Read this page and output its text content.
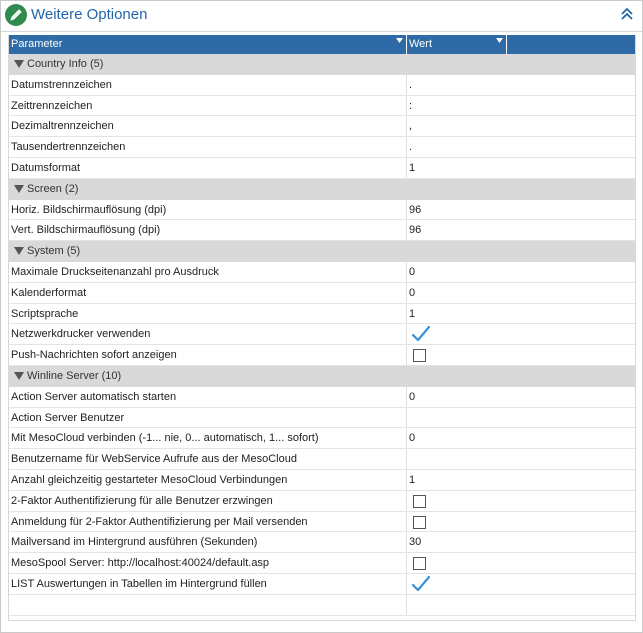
Weitere Optionen
Parameter	Wert
Country Info (5)
Datumstrennzeichen	.
Zeittrennzeichen	:
Dezimaltrennzeichen	,
Tausendertrennzeichen	.
Datumsformat	1
Screen (2)
Horiz. Bildschirmauflösung (dpi)	96
Vert. Bildschirmauflösung (dpi)	96
System (5)
Maximale Druckseitenanzahl pro Ausdruck	0
Kalenderformat	0
Scriptsprache	1
Netzwerkdrucker verwenden
Push-Nachrichten sofort anzeigen
Winline Server (10)
Action Server automatisch starten	0
Action Server Benutzer
Mit MesoCloud verbinden (-1... nie, 0... automatisch, 1... sofort)	0
Benutzername für WebService Aufrufe aus der MesoCloud
Anzahl gleichzeitig gestarteter MesoCloud Verbindungen	1
2-Faktor Authentifizierung für alle Benutzer erzwingen
Anmeldung für 2-Faktor Authentifizierung per Mail versenden
Mailversand im Hintergrund ausführen (Sekunden)	30
MesoSpool Server: http://localhost:40024/default.asp
LIST Auswertungen in Tabellen im Hintergrund füllen
